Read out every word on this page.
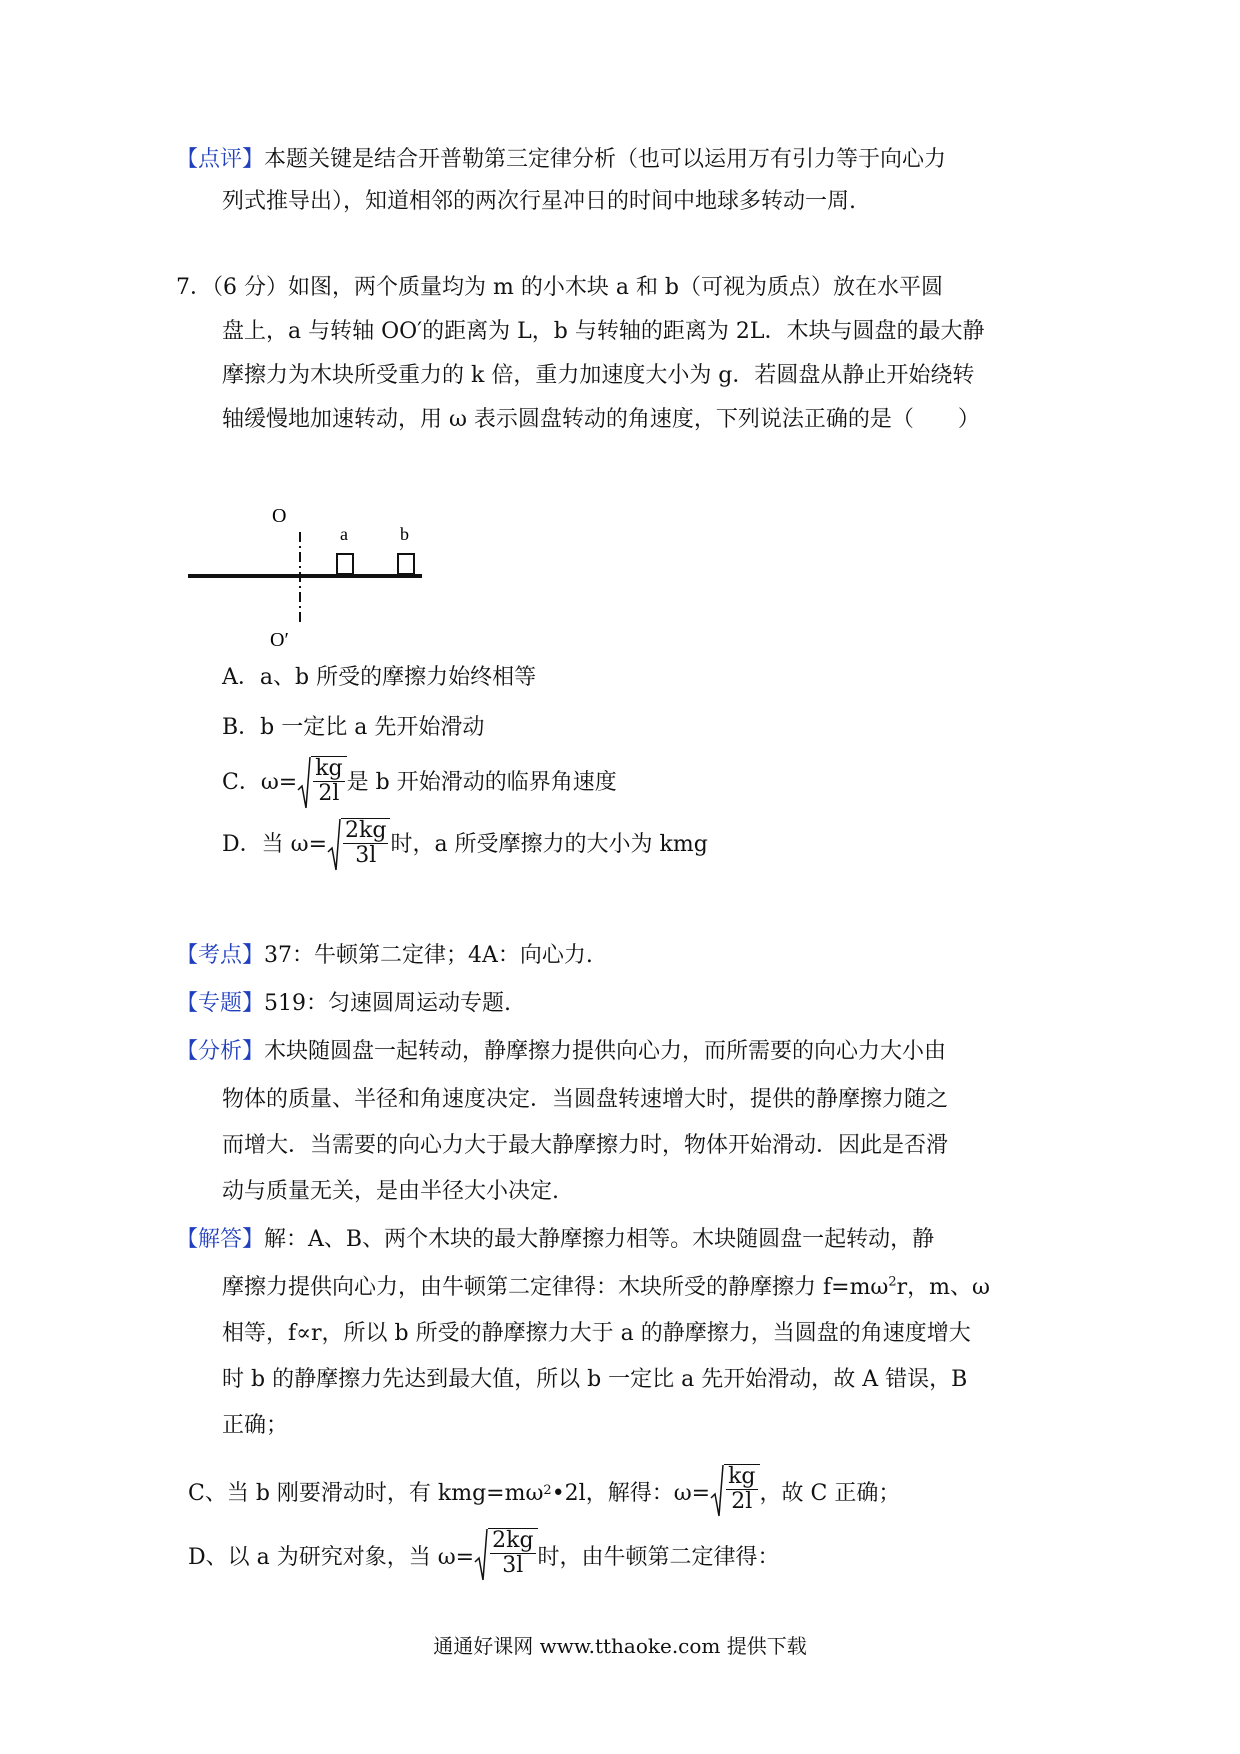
【点评】本题关键是结合开普勒第三定律分析（也可以运用万有引力等于向心力
列式推导出），知道相邻的两次行星冲日的时间中地球多转动一周.
7．（6 分）如图，两个质量均为 m 的小木块 a 和 b（可视为质点）放在水平圆
盘上，a 与转轴 OO′的距离为 L，b 与转轴的距离为 2L．木块与圆盘的最大静
摩擦力为木块所受重力的 k 倍，重力加速度大小为 g．若圆盘从静止开始绕转
轴缓慢地加速转动，用 ω 表示圆盘转动的角速度，下列说法正确的是（　　）
O
O′
a	b
A．a、b 所受的摩擦力始终相等
B．b 一定比 a 先开始滑动
C．$\omega= \frac{kg}{2l}$ 是 b 开始滑动的临界角速度
D．当 $\omega= \frac{2kg}{3l}$ 时，a 所受摩擦力的大小为 kmg
【考点】37：牛顿第二定律；4A：向心力.
【专题】519：匀速圆周运动专题.
【分析】木块随圆盘一起转动，静摩擦力提供向心力，而所需要的向心力大小由
物体的质量、半径和角速度决定．当圆盘转速增大时，提供的静摩擦力随之
而增大．当需要的向心力大于最大静摩擦力时，物体开始滑动．因此是否滑
动与质量无关，是由半径大小决定.
【解答】解：A、B、两个木块的最大静摩擦力相等。木块随圆盘一起转动，静
摩擦力提供向心力，由牛顿第二定律得：木块所受的静摩擦力 $f=m\omega^2r$，m、ω
相等，f∝r，所以 b 所受的静摩擦力大于 a 的静摩擦力，当圆盘的角速度增大
时 b 的静摩擦力先达到最大值，所以 b 一定比 a 先开始滑动，故 A 错误，B
正确；
C、当 b 刚要滑动时，有 kmg=mω 2 •2l，解得：$\omega= \frac{kg}{2l}$ ，故 C 正确；
D、以 a 为研究对象，当 $\omega= \frac{2kg}{3l}$ 时，由牛顿第二定律得：
通通好课网 www.tthaoke.com 提供下载
